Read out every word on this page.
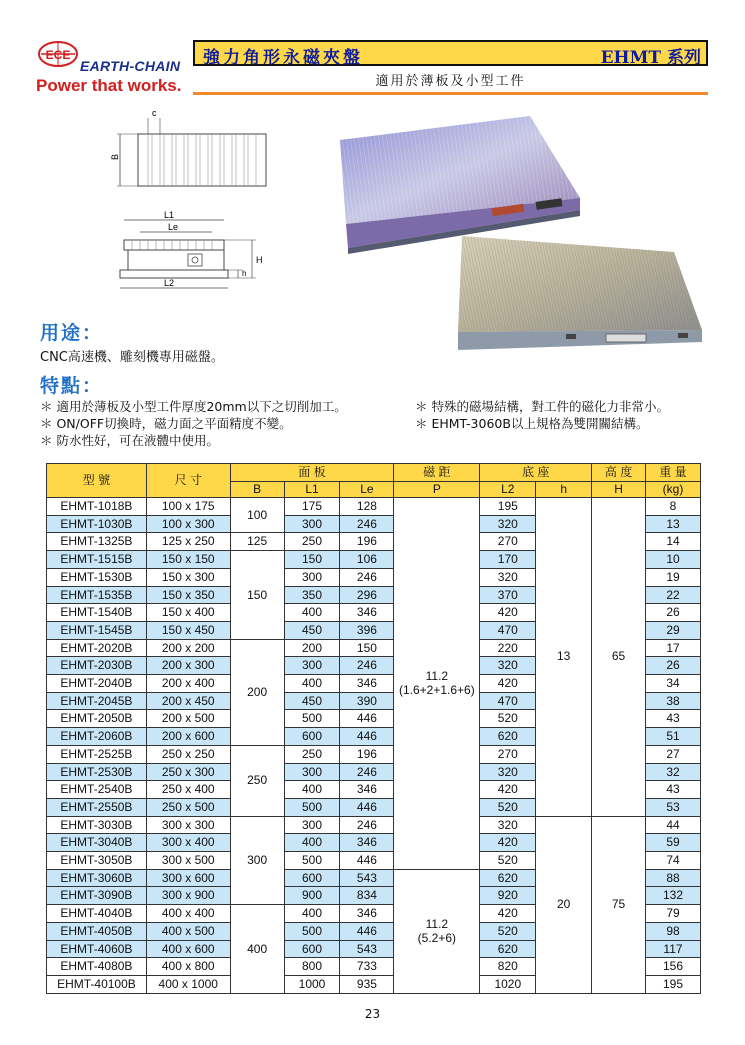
ECE
EARTH-CHAIN
Power that works.
強力角形永磁夾盤	EHMT 系列
適用於薄板及小型工件
B
c
L1
Le
L2
H
h
用途：
CNC高速機、雕刻機專用磁盤。
特點：
＊ 適用於薄板及小型工件厚度20mm以下之切削加工。	＊ 特殊的磁場結構，對工件的磁化力非常小。
＊ ON/OFF切換時，磁力面之平面精度不變。	＊ EHMT-3060B以上規格為雙開關結構。
＊ 防水性好，可在液體中使用。
型 號	尺 寸	面 板			磁 距	底 座		高 度	重 量
		B	L1	Le	P	L2	h	H	(kg)
EHMT-1018B	100 x 175	100	175	128	11.2
(1.6+2+1.6+6)	195	13	65	8
EHMT-1030B	100 x 300		300	246		320			13
EHMT-1325B	125 x 250	125	250	196		270			14
EHMT-1515B	150 x 150	150	150	106		170			10
EHMT-1530B	150 x 300		300	246		320			19
EHMT-1535B	150 x 350		350	296		370			22
EHMT-1540B	150 x 400		400	346		420			26
EHMT-1545B	150 x 450		450	396		470			29
EHMT-2020B	200 x 200	200	200	150		220			17
EHMT-2030B	200 x 300		300	246		320			26
EHMT-2040B	200 x 400		400	346		420			34
EHMT-2045B	200 x 450		450	390		470			38
EHMT-2050B	200 x 500		500	446		520			43
EHMT-2060B	200 x 600		600	446		620			51
EHMT-2525B	250 x 250	250	250	196		270			27
EHMT-2530B	250 x 300		300	246		320			32
EHMT-2540B	250 x 400		400	346		420			43
EHMT-2550B	250 x 500		500	446		520			53
EHMT-3030B	300 x 300	300	300	246		320	20	75	44
EHMT-3040B	300 x 400		400	346		420			59
EHMT-3050B	300 x 500		500	446		520			74
EHMT-3060B	300 x 600		600	543	11.2
(5.2+6)	620			88
EHMT-3090B	300 x 900		900	834		920			132
EHMT-4040B	400 x 400	400	400	346		420			79
EHMT-4050B	400 x 500		500	446		520			98
EHMT-4060B	400 x 600		600	543		620			117
EHMT-4080B	400 x 800		800	733		820			156
EHMT-40100B	400 x 1000		1000	935		1020			195
23
